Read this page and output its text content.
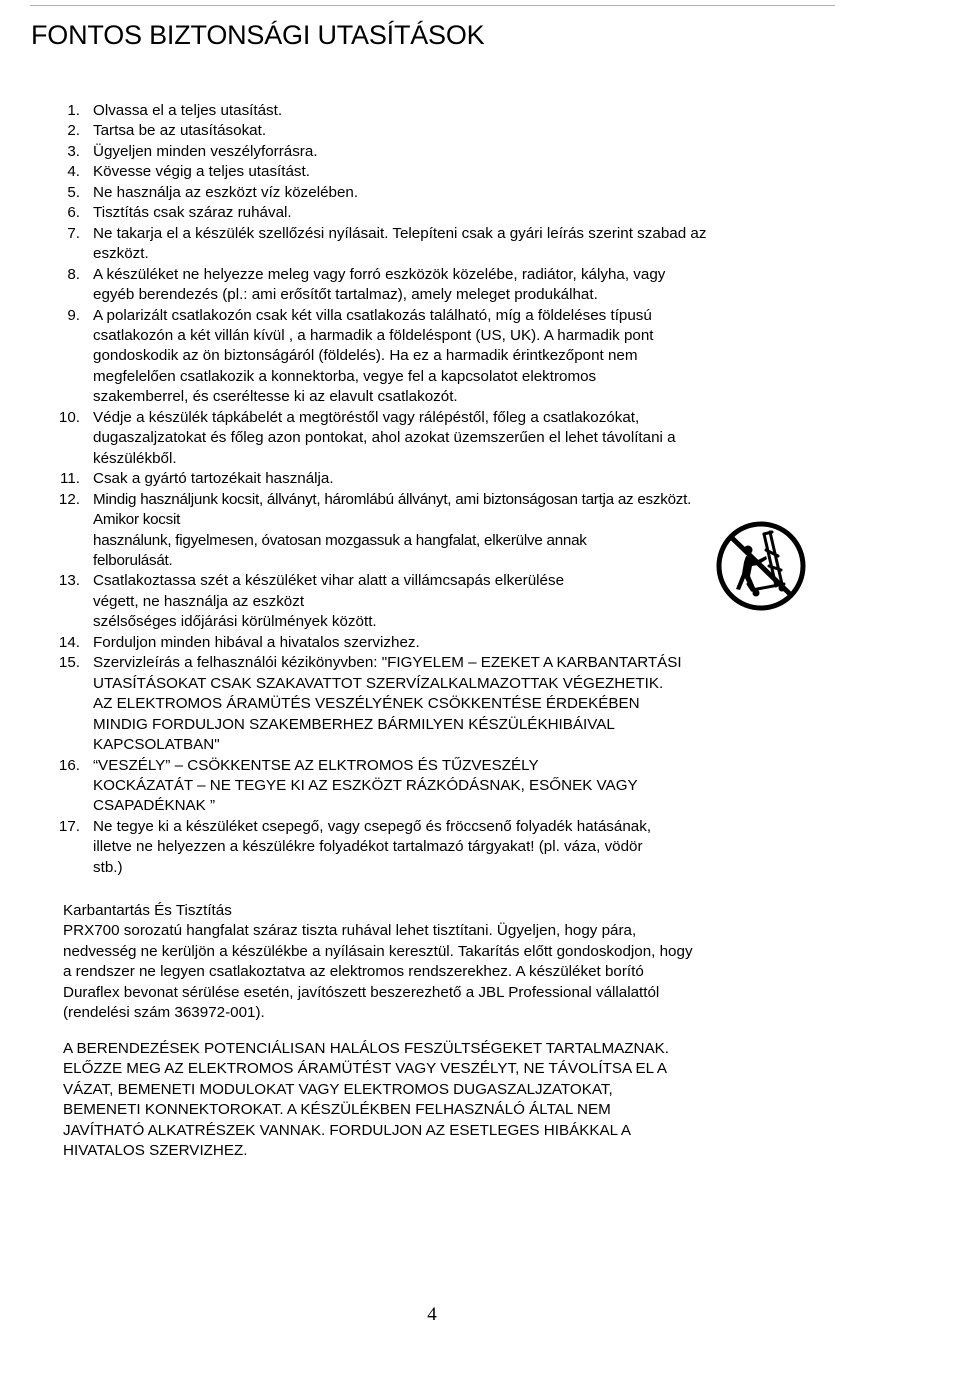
FONTOS BIZTONSÁGI UTASÍTÁSOK
1. Olvassa el a teljes utasítást.
2. Tartsa be az utasításokat.
3. Ügyeljen minden veszélyforrásra.
4. Kövesse végig a teljes utasítást.
5. Ne használja az eszközt víz közelében.
6. Tisztítás csak száraz ruhával.
7. Ne takarja el a készülék szellőzési nyílásait. Telepíteni csak a gyári leírás szerint szabad az
eszközt.
8. A készüléket ne helyezze meleg vagy forró eszközök közelébe, radiátor, kályha, vagy
egyéb berendezés (pl.: ami erősítőt tartalmaz), amely meleget produkálhat.
9. A polarizált csatlakozón csak két villa csatlakozás található, míg a földeléses típusú
csatlakozón a két villán kívül , a harmadik a földeléspont (US, UK). A harmadik pont
gondoskodik az ön biztonságáról (földelés). Ha ez a harmadik érintkezőpont nem
megfelelően csatlakozik a konnektorba, vegye fel a kapcsolatot elektromos
szakemberrel, és cseréltesse ki az elavult csatlakozót.
10. Védje a készülék tápkábelét a megtöréstől vagy rálépéstől, főleg a csatlakozókat,
dugaszaljzatokat és főleg azon pontokat, ahol azokat üzemszerűen el lehet távolítani a
készülékből.
11. Csak a gyártó tartozékait használja.
12. Mindig használjunk kocsit, állványt, háromlábú állványt, ami biztonságosan tartja az eszközt.
Amikor kocsit
használunk, figyelmesen, óvatosan mozgassuk a hangfalat, elkerülve annak
felborulását.
13. Csatlakoztassa szét a készüléket vihar alatt a villámcsapás elkerülése
végett, ne használja az eszközt
szélsőséges időjárási körülmények között.
14. Forduljon minden hibával a hivatalos szervizhez.
15. Szervizleírás a felhasználói kézikönyvben: "FIGYELEM – EZEKET A KARBANTARTÁSI
UTASÍTÁSOKAT CSAK SZAKAVATTOT SZERVÍZALKALMAZOTTAK VÉGEZHETIK.
AZ ELEKTROMOS ÁRAMÜTÉS VESZÉLYÉNEK CSÖKKENTÉSE ÉRDEKÉBEN
MINDIG FORDULJON SZAKEMBERHEZ BÁRMILYEN KÉSZÜLÉKHIBÁIVAL
KAPCSOLATBAN"
16. “VESZÉLY” – CSÖKKENTSE AZ ELKTROMOS ÉS TŰZVESZÉLY
KOCKÁZATÁT – NE TEGYE KI AZ ESZKÖZT RÁZKÓDÁSNAK, ESŐNEK VAGY
CSAPADÉKNAK ”
17. Ne tegye ki a készüléket csepegő, vagy csepegő és fröccsenő folyadék hatásának,
illetve ne helyezzen a készülékre folyadékot tartalmazó tárgyakat! (pl. váza, vödör
stb.)

Karbantartás És Tisztítás
PRX700 sorozatú hangfalat száraz tiszta ruhával lehet tisztítani. Ügyeljen, hogy pára,
nedvesség ne kerüljön a készülékbe a nyílásain keresztül. Takarítás előtt gondoskodjon, hogy
a rendszer ne legyen csatlakoztatva az elektromos rendszerekhez. A készüléket borító
Duraflex bevonat sérülése esetén, javítószett beszerezhető a JBL Professional vállalattól
(rendelési szám 363972-001).

A BERENDEZÉSEK POTENCIÁLISAN HALÁLOS FESZÜLTSÉGEKET TARTALMAZNAK.
ELŐZZE MEG AZ ELEKTROMOS ÁRAMÜTÉST VAGY VESZÉLYT, NE TÁVOLÍTSA EL A
VÁZAT, BEMENETI MODULOKAT VAGY ELEKTROMOS DUGASZALJZATOKAT,
BEMENETI KONNEKTOROKAT. A KÉSZÜLÉKBEN FELHASZNÁLÓ ÁLTAL NEM
JAVÍTHATÓ ALKATRÉSZEK VANNAK. FORDULJON AZ ESETLEGES HIBÁKKAL A
HIVATALOS SZERVIZHEZ.

4
